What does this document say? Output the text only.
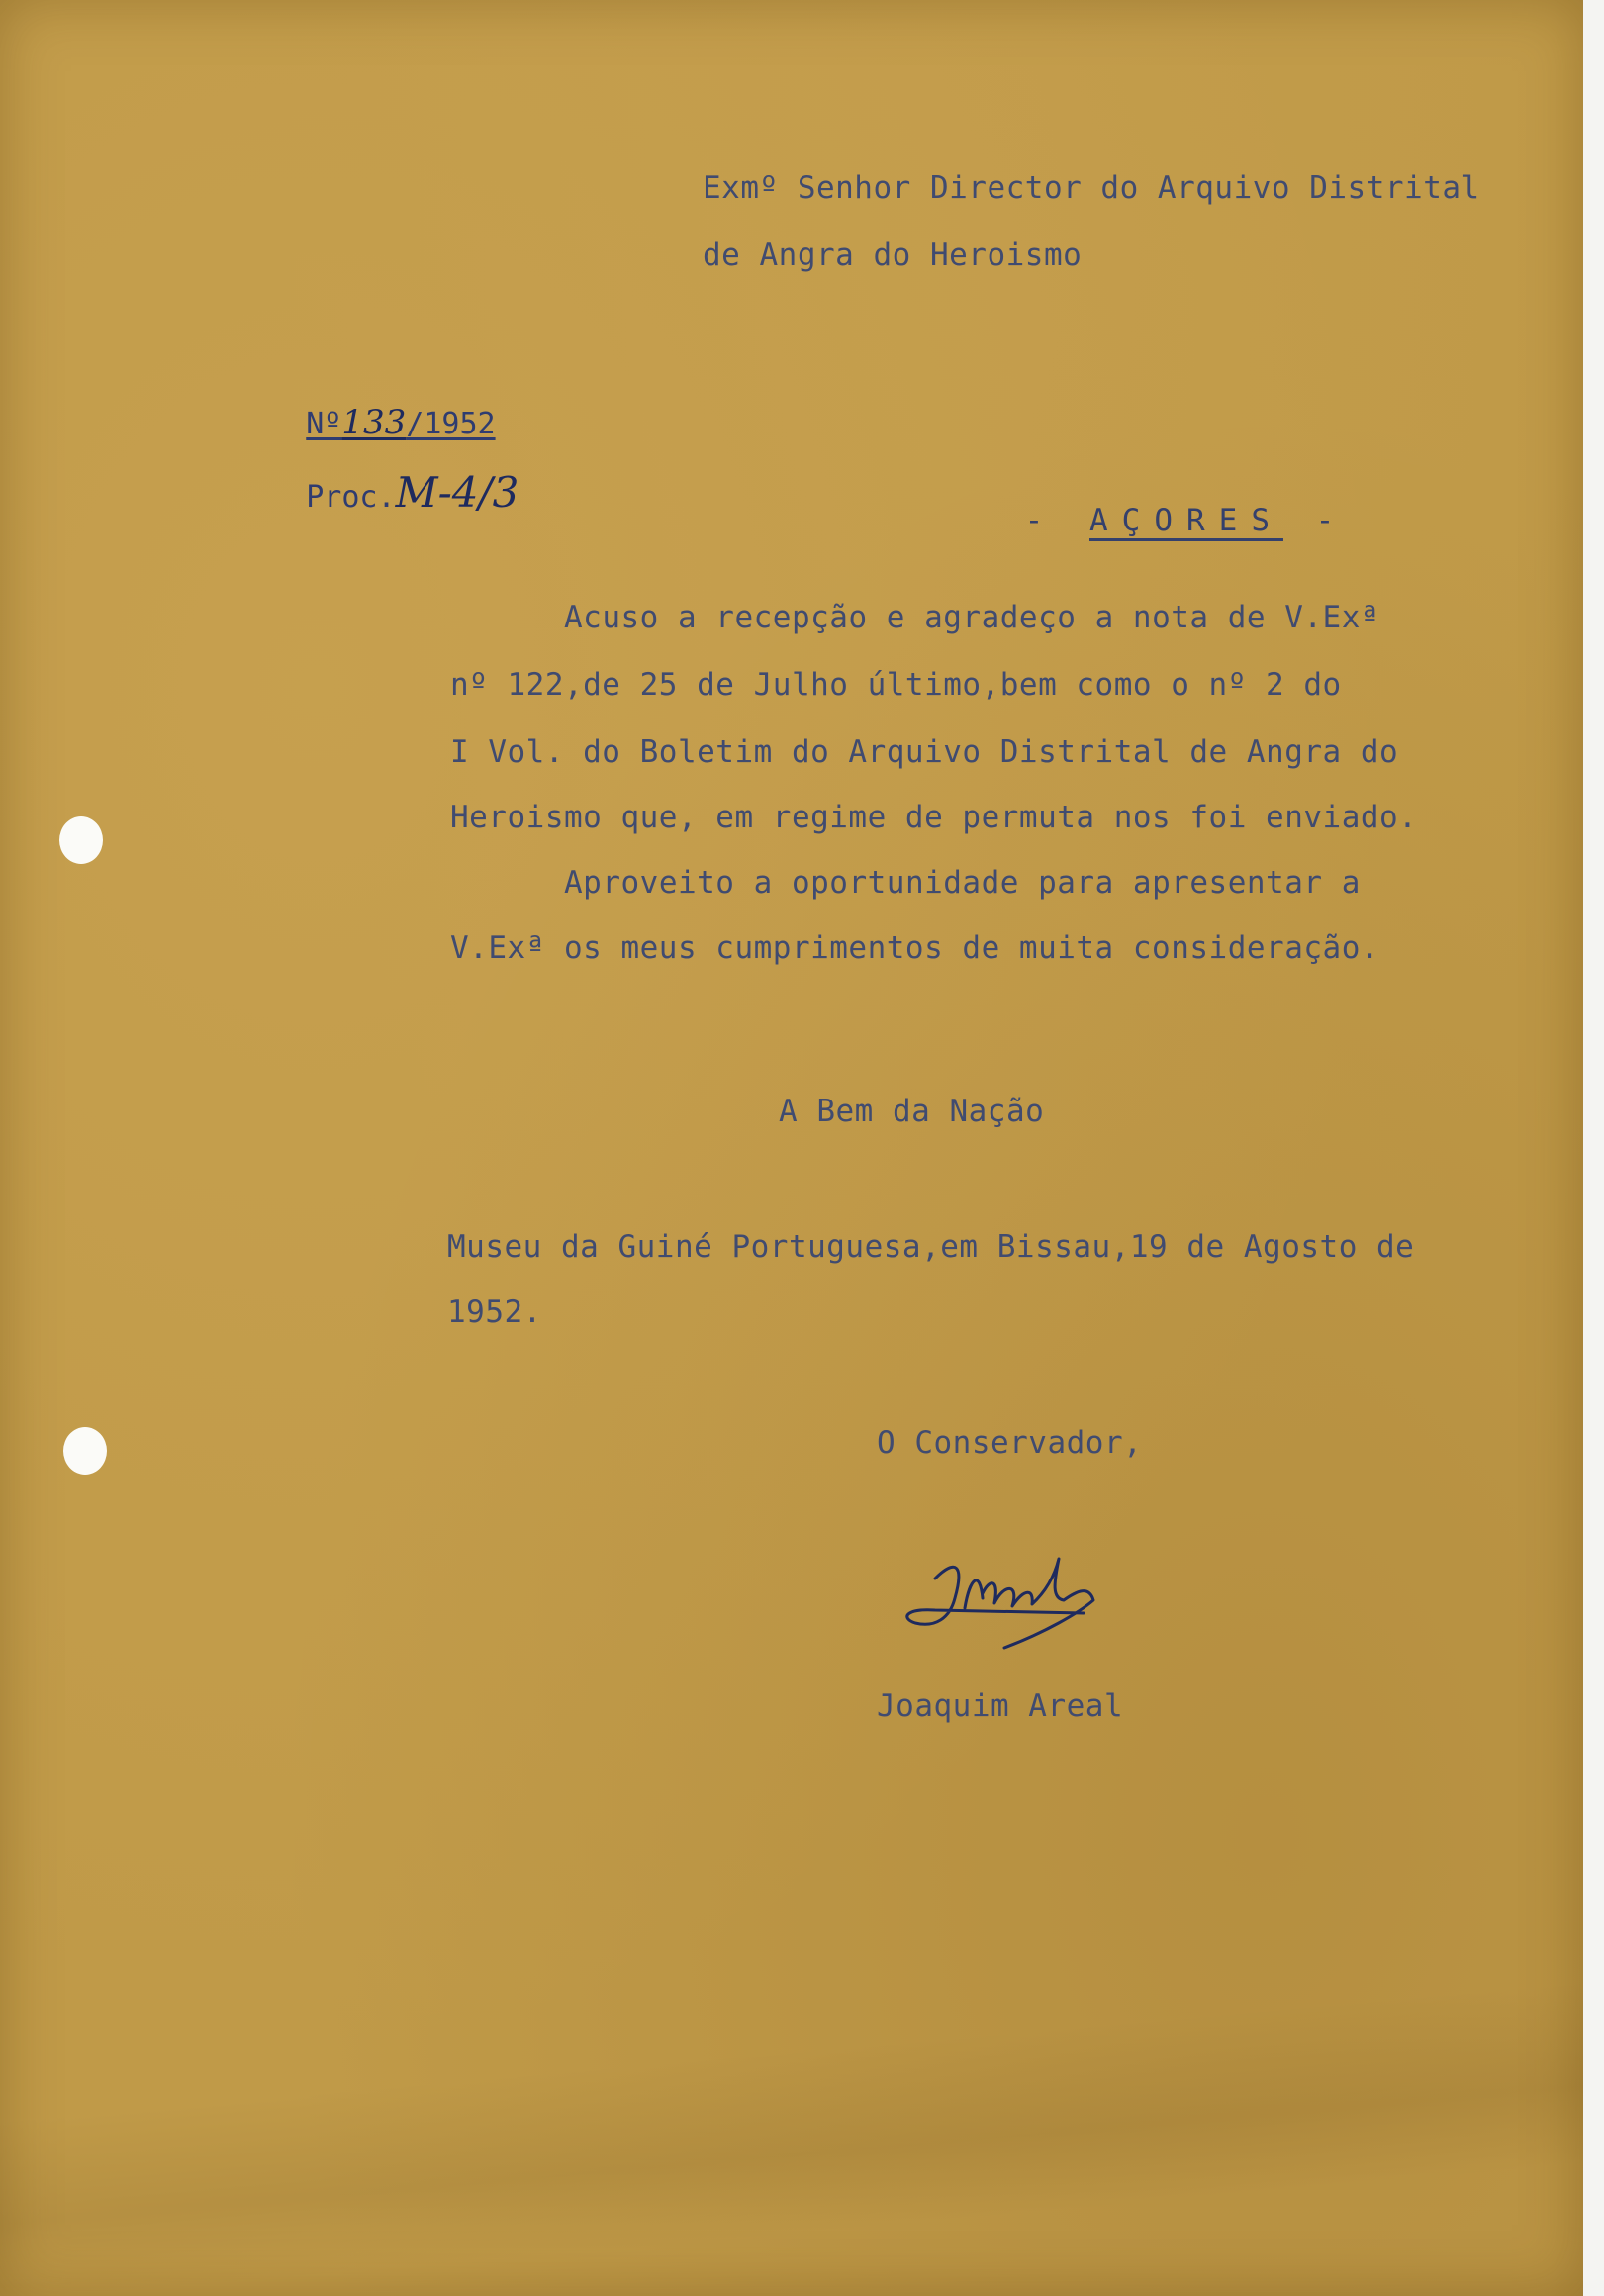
Exmº Senhor Director do Arquivo Distrital
de Angra do Heroismo

Nº133/1952

Proc.M-4/3

- AÇORES -

Acuso a recepção e agradeço a nota de V.Exª
nº 122,de 25 de Julho último,bem como o nº 2 do
I Vol. do Boletim do Arquivo Distrital de Angra do
Heroismo que, em regime de permuta nos foi enviado.
Aproveito a oportunidade para apresentar a
V.Exª os meus cumprimentos de muita consideração.
A Bem da Nação
Museu da Guiné Portuguesa,em Bissau,19 de Agosto de
1952.
O Conservador,
Joaquim Areal
